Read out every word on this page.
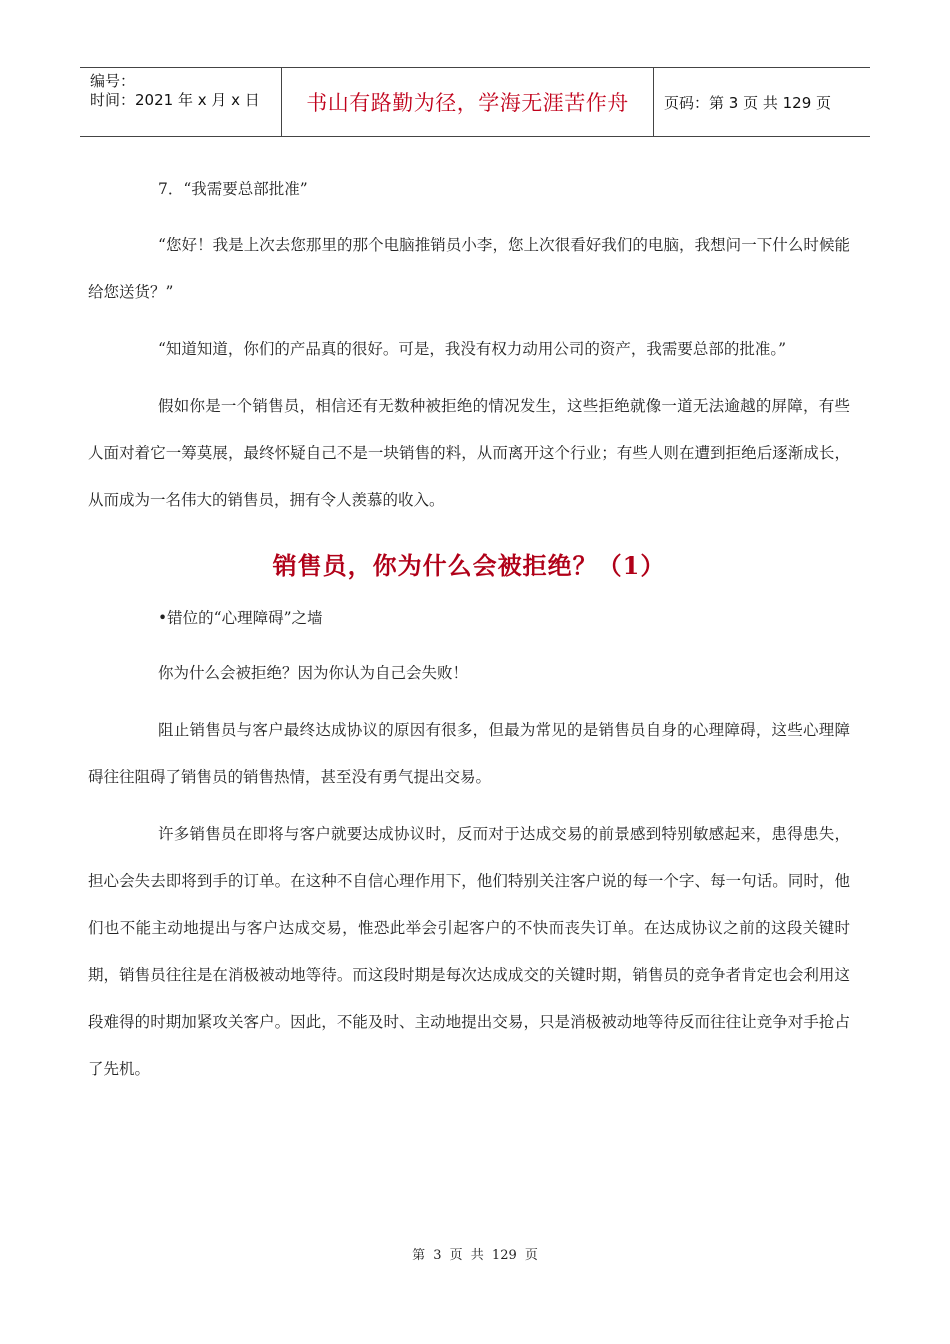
编号：
时间：2021 年 x 月 x 日	书山有路勤为径，学海无涯苦作舟	页码：第 3 页 共 129 页

7．“我需要总部批准”

“您好！我是上次去您那里的那个电脑推销员小李，您上次很看好我们的电脑，我想问一下什么时候能给您送货？”

“知道知道，你们的产品真的很好。可是，我没有权力动用公司的资产，我需要总部的批准。”

假如你是一个销售员，相信还有无数种被拒绝的情况发生，这些拒绝就像一道无法逾越的屏障，有些人面对着它一筹莫展，最终怀疑自己不是一块销售的料，从而离开这个行业；有些人则在遭到拒绝后逐渐成长，从而成为一名伟大的销售员，拥有令人羡慕的收入。

销售员，你为什么会被拒绝？（1）

•错位的“心理障碍”之墙

你为什么会被拒绝？因为你认为自己会失败！

阻止销售员与客户最终达成协议的原因有很多，但最为常见的是销售员自身的心理障碍，这些心理障碍往往阻碍了销售员的销售热情，甚至没有勇气提出交易。

许多销售员在即将与客户就要达成协议时，反而对于达成交易的前景感到特别敏感起来，患得患失，担心会失去即将到手的订单。在这种不自信心理作用下，他们特别关注客户说的每一个字、每一句话。同时，他们也不能主动地提出与客户达成交易，惟恐此举会引起客户的不快而丧失订单。在达成协议之前的这段关键时期，销售员往往是在消极被动地等待。而这段时期是每次达成成交的关键时期，销售员的竞争者肯定也会利用这段难得的时期加紧攻关客户。因此，不能及时、主动地提出交易，只是消极被动地等待反而往往让竞争对手抢占了先机。

第 3 页 共 129 页
